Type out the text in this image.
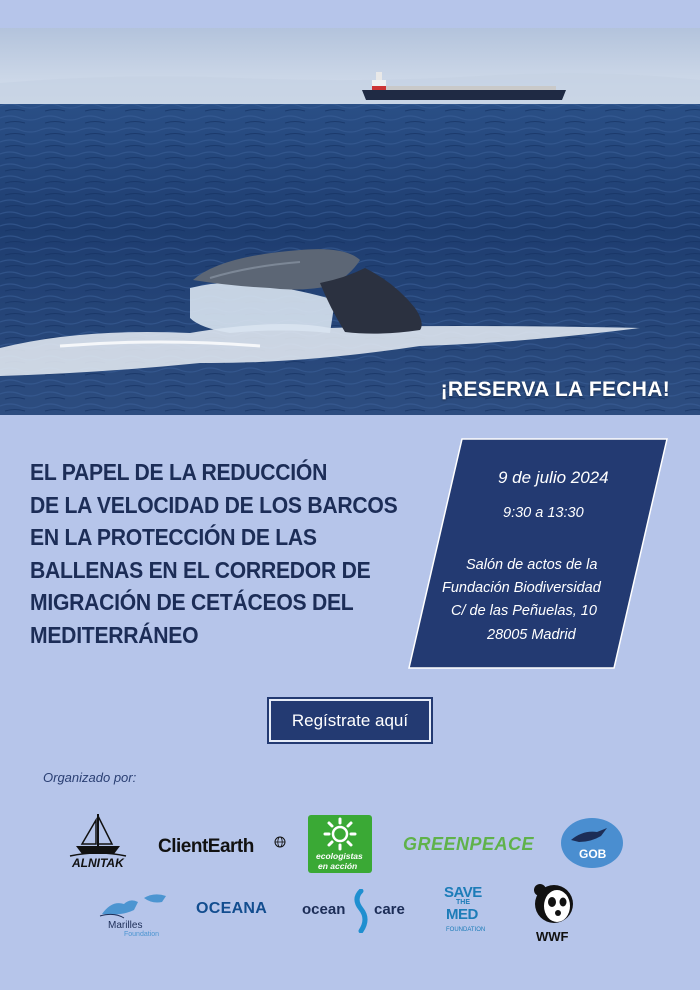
¡RESERVA LA FECHA!
EL PAPEL DE LA REDUCCIÓN
DE LA VELOCIDAD DE LOS BARCOS
EN LA PROTECCIÓN DE LAS
BALLENAS EN EL CORREDOR DE
MIGRACIÓN DE CETÁCEOS DEL
MEDITERRÁNEO
9 de julio 2024
9:30 a 13:30
Salón de actos de la
Fundación Biodiversidad
C/ de las Peñuelas, 10
28005 Madrid
Regístrate aquí
Organizado por:
ALNITAK
ClientEarth	ecologistas
en acción
GREENPEACE	GOB
Marilles
Foundation
OCEANA ocean care
SAVE
THE
MED
FOUNDATION	WWF
